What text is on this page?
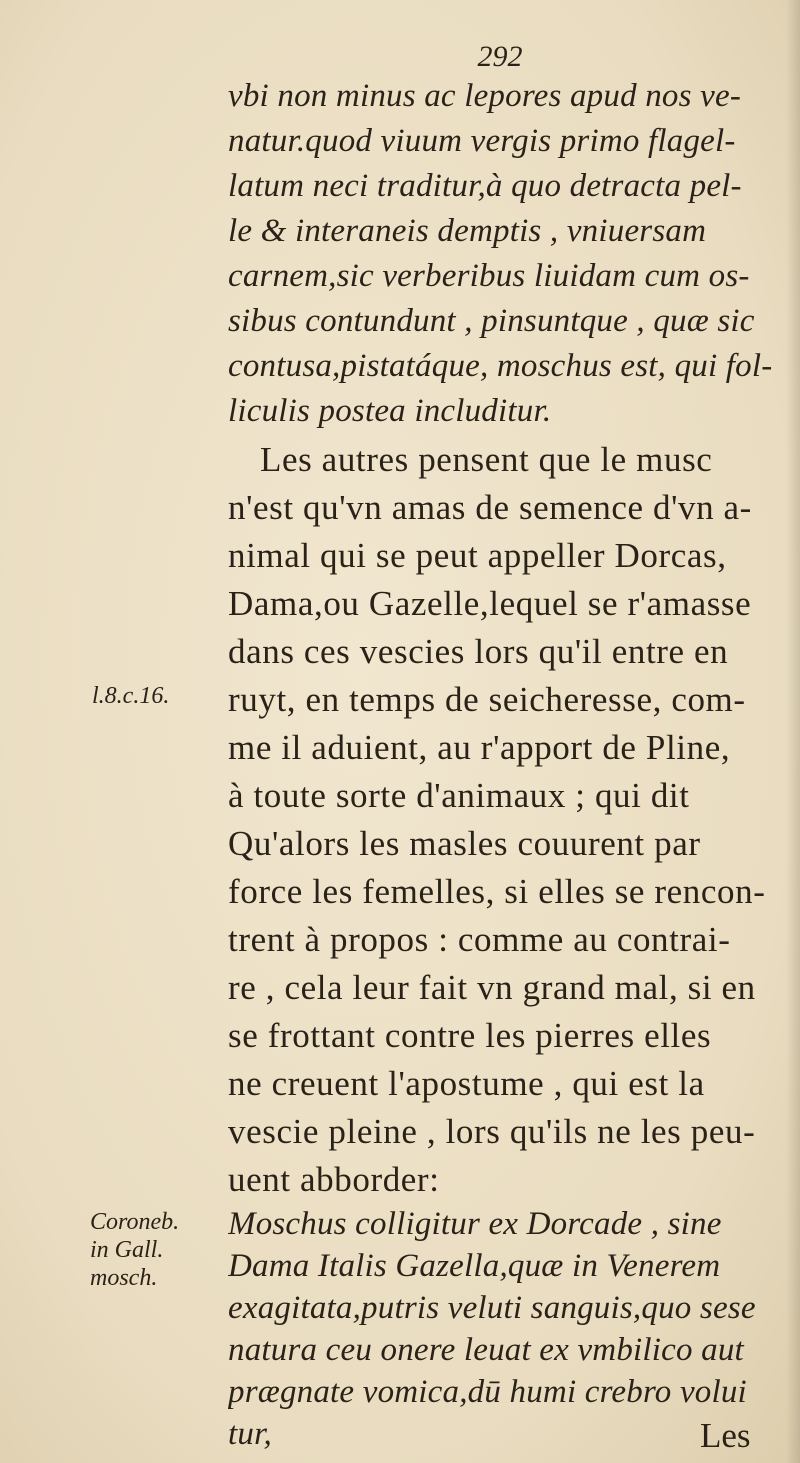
292
vbi non minus ac lepores apud nos ve-
natur.quod viuum vergis primo flagel-
latum neci traditur,à quo detracta pel-
le & interaneis demptis , vniuersam
carnem,sic verberibus liuidam cum os-
sibus contundunt , pinsuntque , quæ sic
contusa,pistatáque, moschus est, qui fol-
liculis postea includitur.
Les autres pensent que le musc
n'est qu'vn amas de semence d'vn a-
nimal qui se peut appeller Dorcas,
Dama,ou Gazelle,lequel se r'amasse
dans ces vescies lors qu'il entre en
ruyt, en temps de seicheresse, com-
me il aduient, au r'apport de Pline,
à toute sorte d'animaux ; qui dit
Qu'alors les masles couurent par
force les femelles, si elles se rencon-
trent à propos : comme au contrai-
re , cela leur fait vn grand mal, si en
se frottant contre les pierres elles
ne creuent l'apostume , qui est la
vescie pleine , lors qu'ils ne les peu-
uent abborder:
Moschus colligitur ex Dorcade , sine
Dama Italis Gazella,quæ in Venerem
exagitata,putris veluti sanguis,quo sese
natura ceu onere leuat ex vmbilico aut
prægnate vomica,dū humi crebro volui
tur,
l.8.c.16.
Coroneb.
in Gall.
mosch.
Les
